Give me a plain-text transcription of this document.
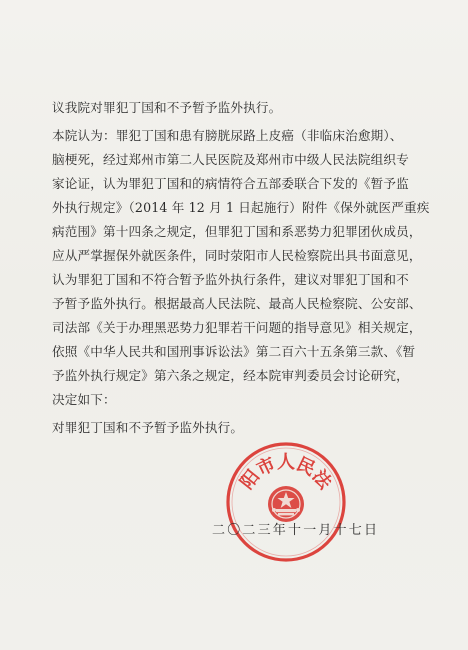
议我院对罪犯丁国和不予暂予监外执行。
本院认为：罪犯丁国和患有膀胱尿路上皮癌（非临床治愈期）、
脑梗死，经过郑州市第二人民医院及郑州市中级人民法院组织专
家论证，认为罪犯丁国和的病情符合五部委联合下发的《暂予监
外执行规定》（2014 年 12 月 1 日起施行）附件《保外就医严重疾
病范围》第十四条之规定，但罪犯丁国和系恶势力犯罪团伙成员，
应从严掌握保外就医条件，同时荥阳市人民检察院出具书面意见，
认为罪犯丁国和不符合暂予监外执行条件，建议对罪犯丁国和不
予暂予监外执行。根据最高人民法院、最高人民检察院、公安部、
司法部《关于办理黑恶势力犯罪若干问题的指导意见》相关规定，
依照《中华人民共和国刑事诉讼法》第二百六十五条第三款、《暂
予监外执行规定》第六条之规定，经本院审判委员会讨论研究，
决定如下：
对罪犯丁国和不予暂予监外执行。
阳市人民法
二〇二三年十一月十七日
